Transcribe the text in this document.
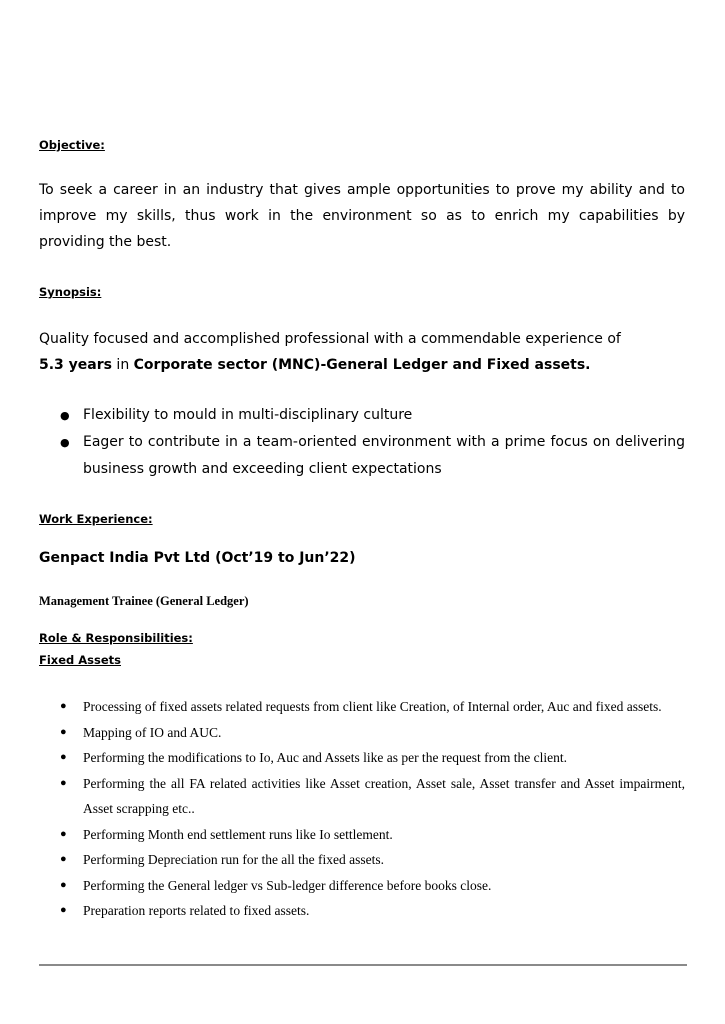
Objective:
To seek a career in an industry that gives ample opportunities to prove my ability and to improve my skills, thus work in the environment so as to enrich my capabilities by providing the best.
Synopsis:
Quality focused and accomplished professional with a commendable experience of
5.3 years in Corporate sector (MNC)-General Ledger and Fixed assets.
● Flexibility to mould in multi-disciplinary culture
● Eager to contribute in a team-oriented environment with a prime focus on delivering business growth and exceeding client expectations
Work Experience:
Genpact India Pvt Ltd (Oct’19 to Jun’22)
Management Trainee (General Ledger)
Role & Responsibilities:
Fixed Assets
● Processing of fixed assets related requests from client like Creation, of Internal order, Auc and fixed assets.
● Mapping of IO and AUC.
● Performing the modifications to Io, Auc and Assets like as per the request from the client.
● Performing the all FA related activities like Asset creation, Asset sale, Asset transfer and Asset impairment, Asset scrapping etc..
● Performing Month end settlement runs like Io settlement.
● Performing Depreciation run for the all the fixed assets.
● Performing the General ledger vs Sub-ledger difference before books close.
● Preparation reports related to fixed assets.
